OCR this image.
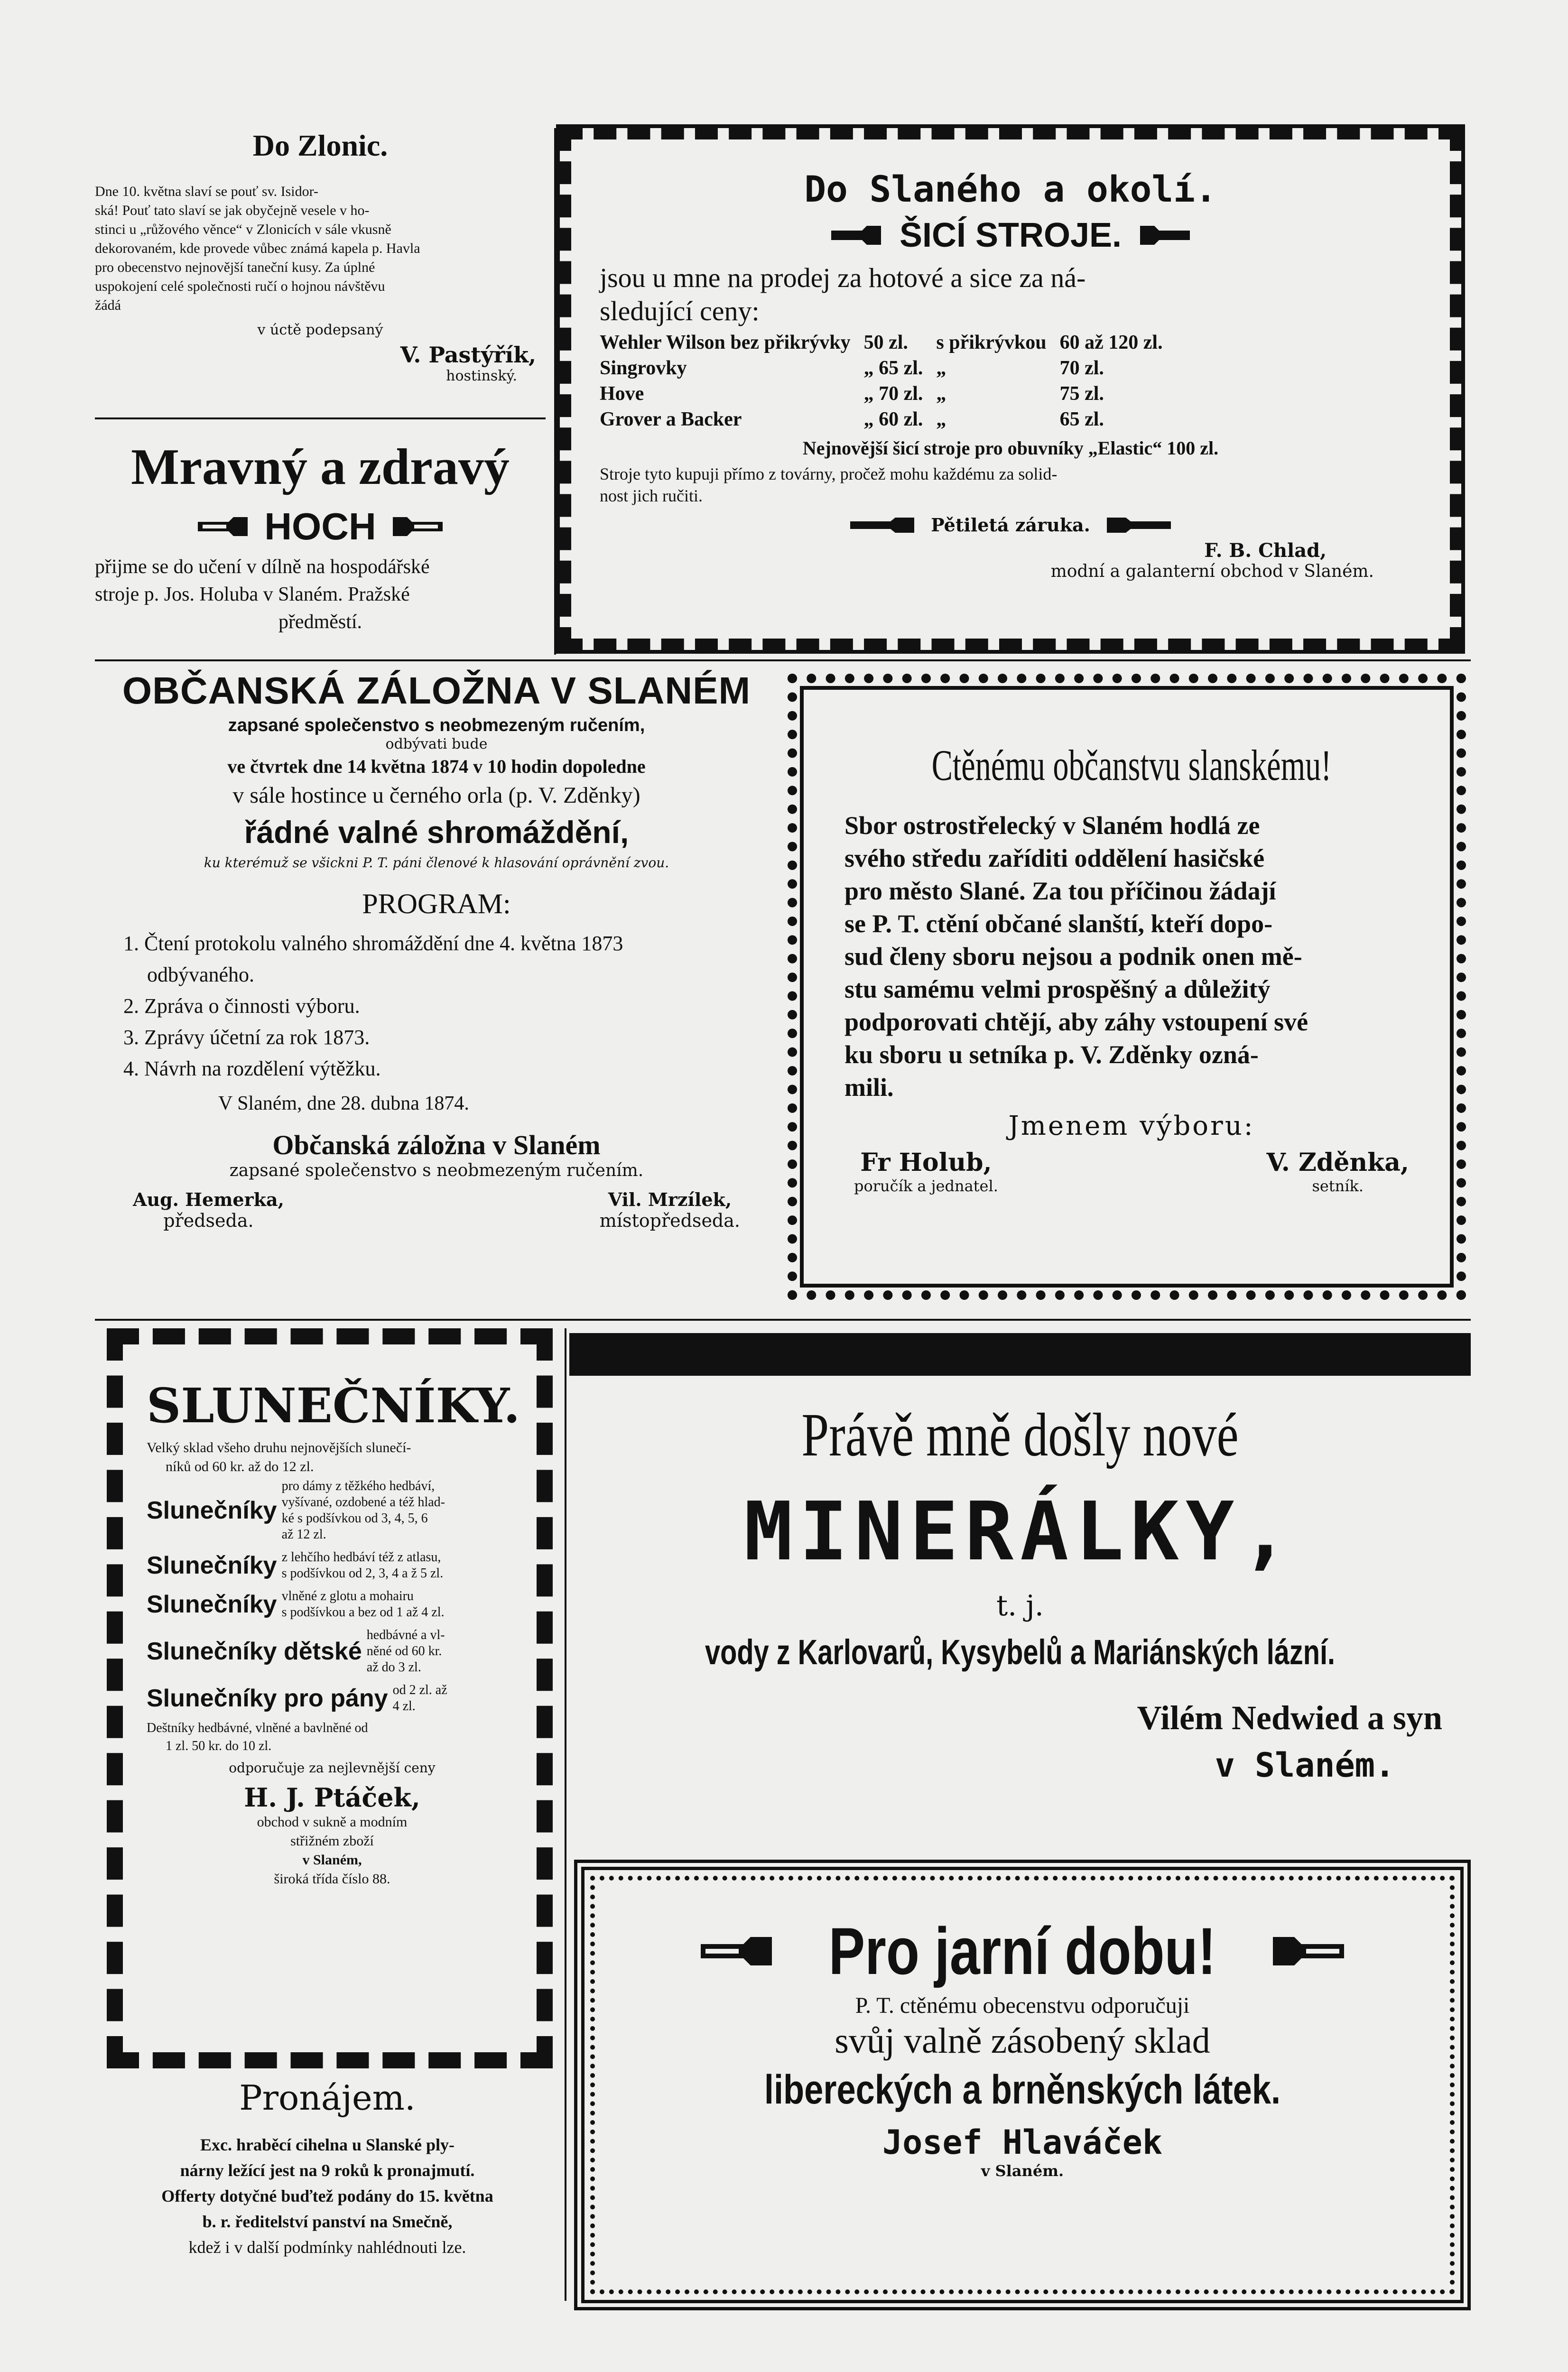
Do Zlonic.

Dne 10. května slaví se pouť sv. Isidor-

ská! Pouť tato slaví se jak obyčejně vesele v ho-

stinci u „růžového věnce“ v Zlonicích v sále vkusně

dekorovaném, kde provede vůbec známá kapela p. Havla

pro obecenstvo nejnovější taneční kusy. Za úplné

uspokojení celé společnosti ručí o hojnou návštěvu

žádá

v úctě podepsaný
V. Pastýřík,
hostinský.
Mravný a zdravý
HOCH

přijme se do učení v dílně na hospodářské

stroje p. Jos. Holuba v Slaném. Pražské

předměstí.

Do Slaného a okolí.
ŠICÍ STROJE.

jsou u mne na prodej za hotové a sice za ná-

sledující ceny:

Wehler Wilson bez přikrývky	50 zl.	s přikrývkou	60 až 120 zl.
Singrovky	„ 65 zl.	„	70 zl.
Hove	„ 70 zl.	„	75 zl.
Grover a Backer	„ 60 zl.	„	65 zl.
Nejnovější šicí stroje pro obuvníky „Elastic“ 100 zl.

Stroje tyto kupuji přímo z továrny, pročež mohu každému za solid-

nost jich ručiti.

Pětiletá záruka.
F. B. Chlad,
modní a galanterní obchod v Slaném.
OBČANSKÁ ZÁLOŽNA V SLANÉM
zapsané společenstvo s neobmezeným ručením,
odbývati bude
ve čtvrtek dne 14 května 1874 v 10 hodin dopoledne
v sále hostince u černého orla (p. V. Zděnky)
řádné valné shromáždění,
ku kterémuž se všickni P. T. páni členové k hlasování oprávnění zvou.
PROGRAM:

1. Čtení protokolu valného shromáždění dne 4. května 1873

odbývaného.

2. Zpráva o činnosti výboru.

3. Zprávy účetní za rok 1873.

4. Návrh na rozdělení výtěžku.

V Slaném, dne 28. dubna 1874.
Občanská záložna v Slaném
zapsané společenstvo s neobmezeným ručením.
Aug. Hemerka,
předseda.
Vil. Mrzílek,
místopředseda.
Ctěnému občanstvu slanskému!

Sbor ostrostřelecký v Slaném hodlá ze

svého středu zaříditi oddělení hasičské

pro město Slané. Za tou příčinou žádají

se P. T. ctění občané slanští, kteří dopo-

sud členy sboru nejsou a podnik onen mě-

stu samému velmi prospěšný a důležitý

podporovati chtějí, aby záhy vstoupení své

ku sboru u setníka p. V. Zděnky ozná-

mili.

Jmenem výboru:
Fr Holub,
poručík a jednatel.
V. Zděnka,
setník.
SLUNEČNÍKY.

Velký sklad všeho druhu nejnovějších slunečí-

níků od 60 kr. až do 12 zl.

Slunečníky

pro dámy z těžkého hedbáví,

vyšívané, ozdobené a též hlad-

ké s podšívkou od 3, 4, 5, 6

až 12 zl.

Slunečníky z lehčího hedbáví též z atlasu,

s podšívkou od 2, 3, 4 a ž 5 zl.

Slunečníky vlněné z glotu a mohairu

s podšívkou a bez od 1 až 4 zl.

Slunečníky dětské

hedbávné a vl-

něné od 60 kr.

až do 3 zl.

Slunečníky pro pány od 2 zl. až

4 zl.

Deštníky hedbávné, vlněné a bavlněné od

1 zl. 50 kr. do 10 zl.

odporučuje za nejlevnější ceny
H. J. Ptáček,

obchod v sukně a modním

střižném zboží

v Slaném,

široká třída číslo 88.

Právě mně došly nové
MINERÁLKY,
t. j.
vody z Karlovarů, Kysybelů a Mariánských lázní.
Vilém Nedwied a syn
v Slaném.
Pronájem.

Exc. hraběcí cihelna u Slanské ply-

nárny ležící jest na 9 roků k pronajmutí.

Offerty dotyčné buďtež podány do 15. května

b. r. ředitelství panství na Smečně,

kdež i v další podmínky nahlédnouti lze.

Pro jarní dobu!
P. T. ctěnému obecenstvu odporučuji
svůj valně zásobený sklad
libereckých a brněnských látek.
Josef Hlaváček
v Slaném.
